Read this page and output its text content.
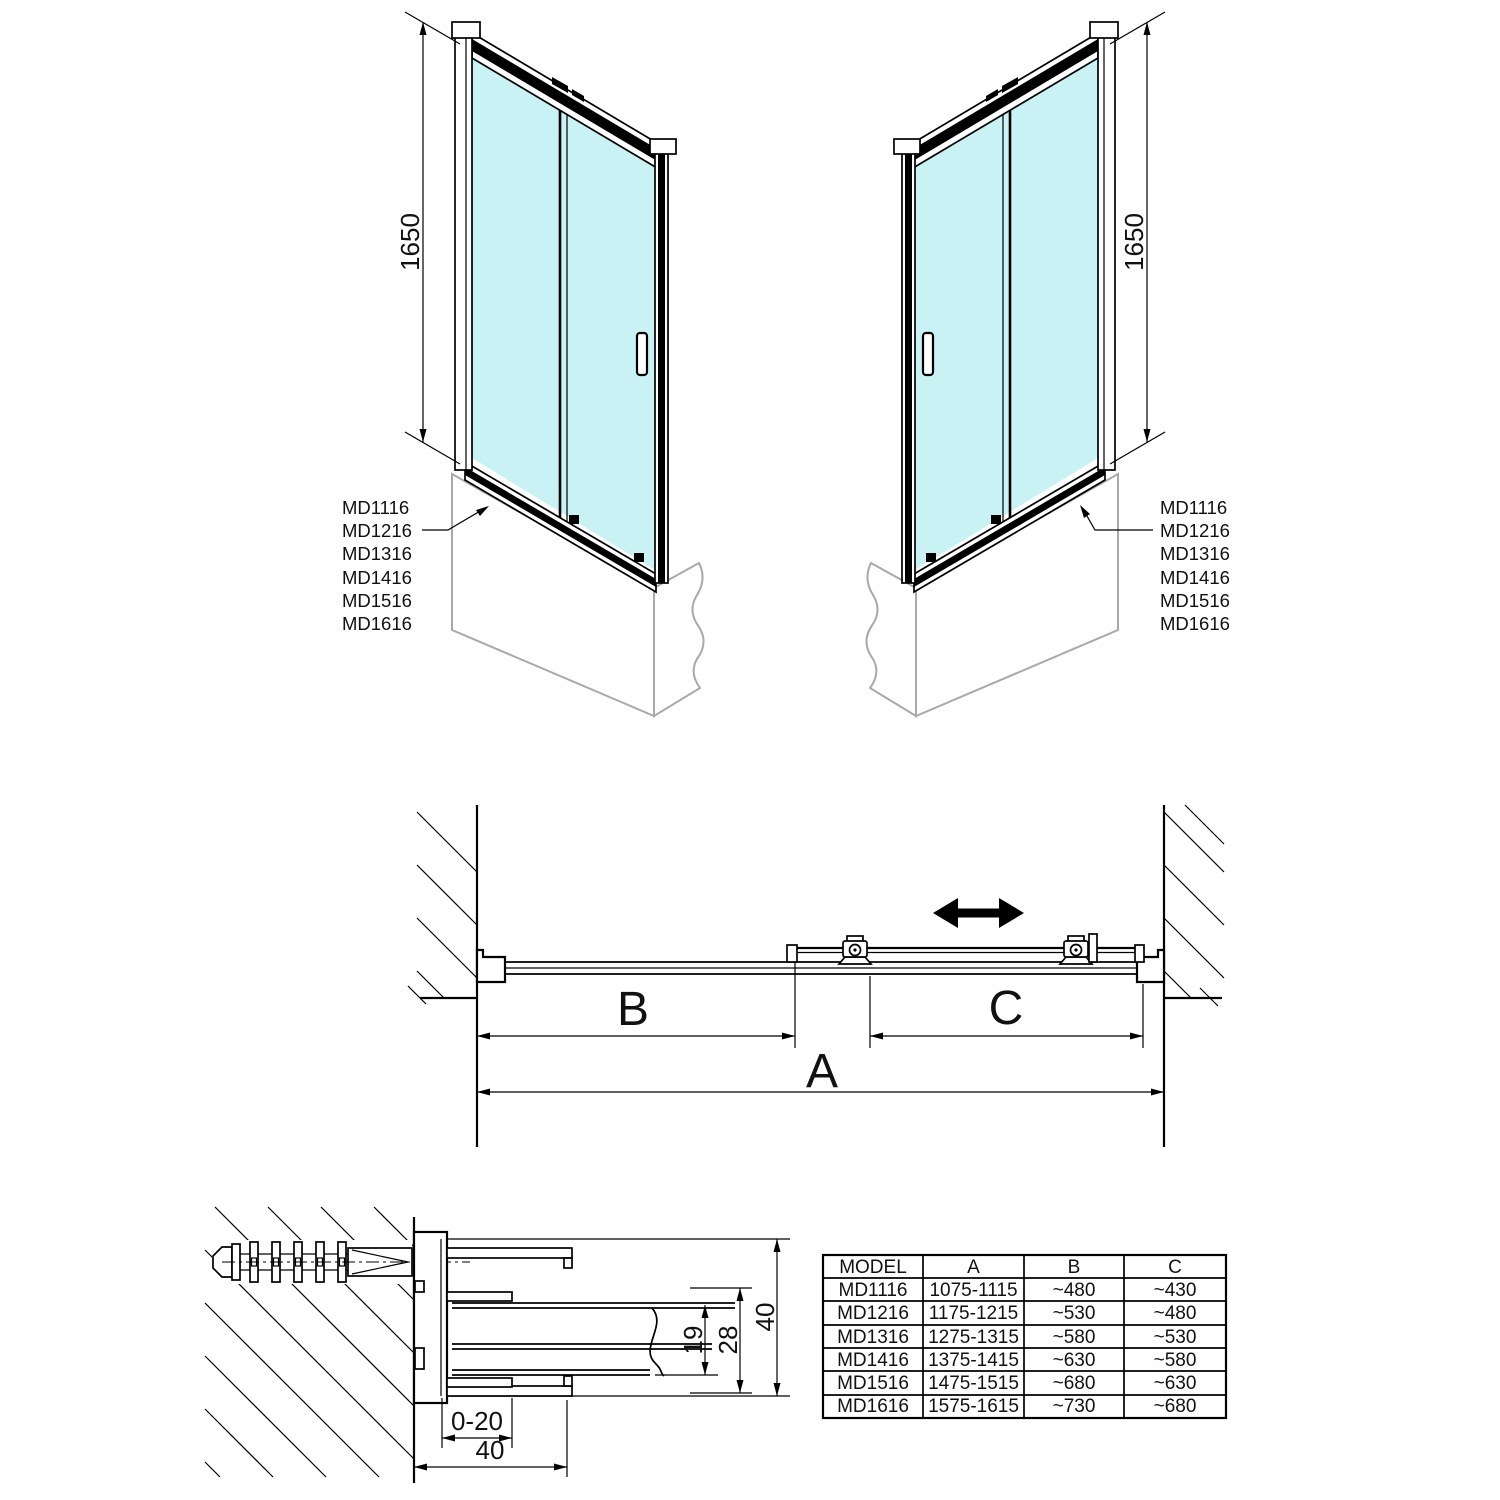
1650
MD1116
MD1216
MD1316
MD1416
MD1516
MD1616
1650
MD1116
MD1216
MD1316
MD1416
MD1516
MD1616
B	C
A
19 28
40
0-20
40
MODEL	A	B	C
MD1116 1075-1115 ~480	~430
MD1216 1175-1215 ~530	~480
MD1316 1275-1315 ~580	~530
MD1416 1375-1415 ~630	~580
MD1516 1475-1515 ~680	~630
MD1616 1575-1615 ~730	~680
